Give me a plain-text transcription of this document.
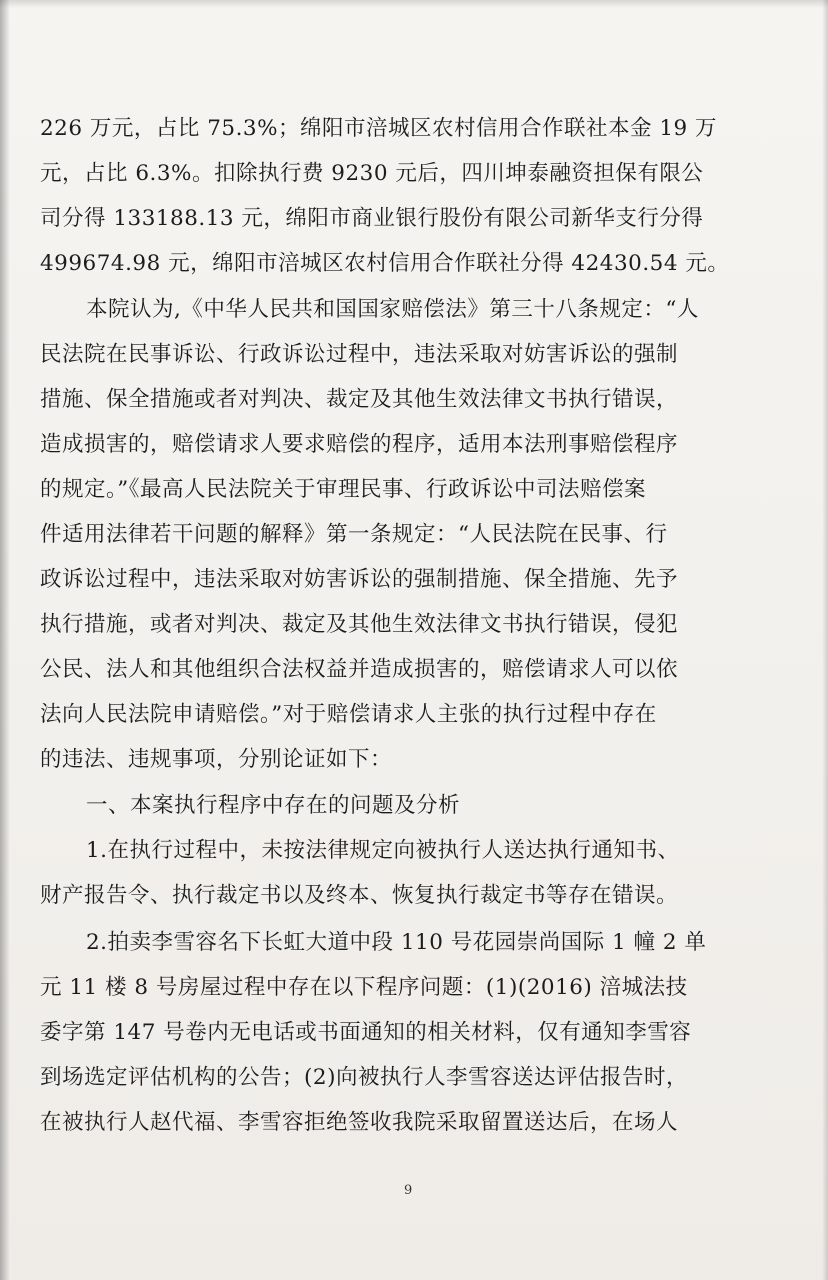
226 万元，占比 75.3%；绵阳市涪城区农村信用合作联社本金 19 万
元，占比 6.3%。扣除执行费 9230 元后，四川坤泰融资担保有限公
司分得 133188.13 元，绵阳市商业银行股份有限公司新华支行分得
499674.98 元，绵阳市涪城区农村信用合作联社分得 42430.54 元。
本院认为,《中华人民共和国国家赔偿法》第三十八条规定：“人
民法院在民事诉讼、行政诉讼过程中，违法采取对妨害诉讼的强制
措施、保全措施或者对判决、裁定及其他生效法律文书执行错误，
造成损害的，赔偿请求人要求赔偿的程序，适用本法刑事赔偿程序
的规定。”《最高人民法院关于审理民事、行政诉讼中司法赔偿案
件适用法律若干问题的解释》第一条规定：“人民法院在民事、行
政诉讼过程中，违法采取对妨害诉讼的强制措施、保全措施、先予
执行措施，或者对判决、裁定及其他生效法律文书执行错误，侵犯
公民、法人和其他组织合法权益并造成损害的，赔偿请求人可以依
法向人民法院申请赔偿。”对于赔偿请求人主张的执行过程中存在
的违法、违规事项，分别论证如下：
一、本案执行程序中存在的问题及分析
1.在执行过程中，未按法律规定向被执行人送达执行通知书、
财产报告令、执行裁定书以及终本、恢复执行裁定书等存在错误。
2.拍卖李雪容名下长虹大道中段 110 号花园崇尚国际 1 幢 2 单
元 11 楼 8 号房屋过程中存在以下程序问题：(1)(2016) 涪城法技
委字第 147 号卷内无电话或书面通知的相关材料，仅有通知李雪容
到场选定评估机构的公告；(2)向被执行人李雪容送达评估报告时，
在被执行人赵代福、李雪容拒绝签收我院采取留置送达后，在场人
9
